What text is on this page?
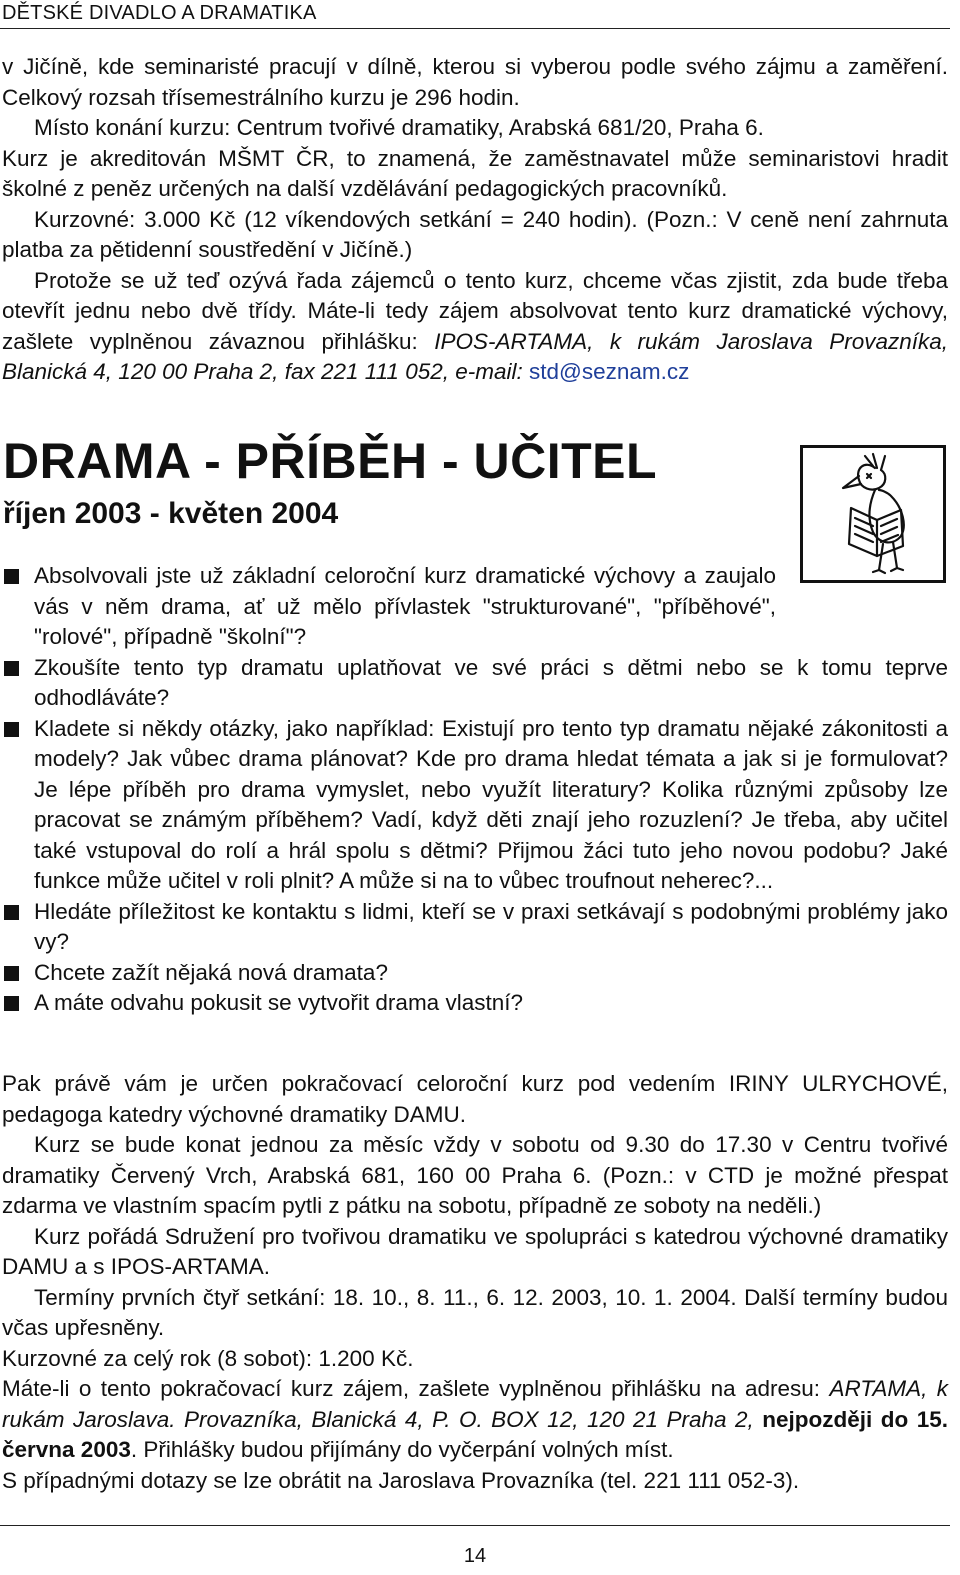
DĚTSKÉ DIVADLO A DRAMATIKA

v Jičíně, kde seminaristé pracují v dílně, kterou si vyberou podle svého zájmu a zaměření. Celkový rozsah třísemestrálního kurzu je 296 hodin.

Místo konání kurzu: Centrum tvořivé dramatiky, Arabská 681/20, Praha 6.

Kurz je akreditován MŠMT ČR, to znamená, že zaměstnavatel může seminaristovi hradit školné z peněz určených na další vzdělávání pedagogických pracovníků.

Kurzovné: 3.000 Kč (12 víkendových setkání = 240 hodin). (Pozn.: V ceně není zahrnuta platba za pětidenní soustředění v Jičíně.)

Protože se už teď ozývá řada zájemců o tento kurz, chceme včas zjistit, zda bude třeba otevřít jednu nebo dvě třídy. Máte-li tedy zájem absolvovat tento kurz dramatické výchovy, zašlete vyplněnou závaznou přihlášku: IPOS-ARTAMA, k rukám Jaroslava Provazníka, Blanická 4, 120 00 Praha 2, fax 221 111 052, e-mail: std@seznam.cz

DRAMA - PŘÍBĚH - UČITEL
říjen 2003 - květen 2004
Absolvovali jste už základní celoroční kurz dramatické výchovy a zaujalo vás v něm drama, ať už mělo přívlastek "strukturované", "příběhové", "rolové", případně "školní"?
Zkoušíte tento typ dramatu uplatňovat ve své práci s dětmi nebo se k tomu teprve odhodláváte?
Kladete si někdy otázky, jako například: Existují pro tento typ dramatu nějaké zákonitosti a modely? Jak vůbec drama plánovat? Kde pro drama hledat témata a jak si je formulovat? Je lépe příběh pro drama vymyslet, nebo využít literatury? Kolika různými způsoby lze pracovat se známým příběhem? Vadí, když děti znají jeho rozuzlení? Je třeba, aby učitel také vstupoval do rolí a hrál spolu s dětmi? Přijmou žáci tuto jeho novou podobu? Jaké funkce může učitel v roli plnit? A může si na to vůbec troufnout neherec?...
Hledáte příležitost ke kontaktu s lidmi, kteří se v praxi setkávají s podobnými problémy jako vy?
Chcete zažít nějaká nová dramata?
A máte odvahu pokusit se vytvořit drama vlastní?

Pak právě vám je určen pokračovací celoroční kurz pod vedením IRINY ULRYCHOVÉ, pedagoga katedry výchovné dramatiky DAMU.

Kurz se bude konat jednou za měsíc vždy v sobotu od 9.30 do 17.30 v Centru tvořivé dramatiky Červený Vrch, Arabská 681, 160 00 Praha 6. (Pozn.: v CTD je možné přespat zdarma ve vlastním spacím pytli z pátku na sobotu, případně ze soboty na neděli.)

Kurz pořádá Sdružení pro tvořivou dramatiku ve spolupráci s katedrou výchovné dramatiky DAMU a s IPOS-ARTAMA.

Termíny prvních čtyř setkání: 18. 10., 8. 11., 6. 12. 2003, 10. 1. 2004. Další termíny budou včas upřesněny.

Kurzovné za celý rok (8 sobot): 1.200 Kč.

Máte-li o tento pokračovací kurz zájem, zašlete vyplněnou přihlášku na adresu: ARTAMA, k rukám Jaroslava. Provazníka, Blanická 4, P. O. BOX 12, 120 21 Praha 2, nejpozději do 15. června 2003. Přihlášky budou přijímány do vyčerpání volných míst.

S případnými dotazy se lze obrátit na Jaroslava Provazníka (tel. 221 111 052-3).

14
